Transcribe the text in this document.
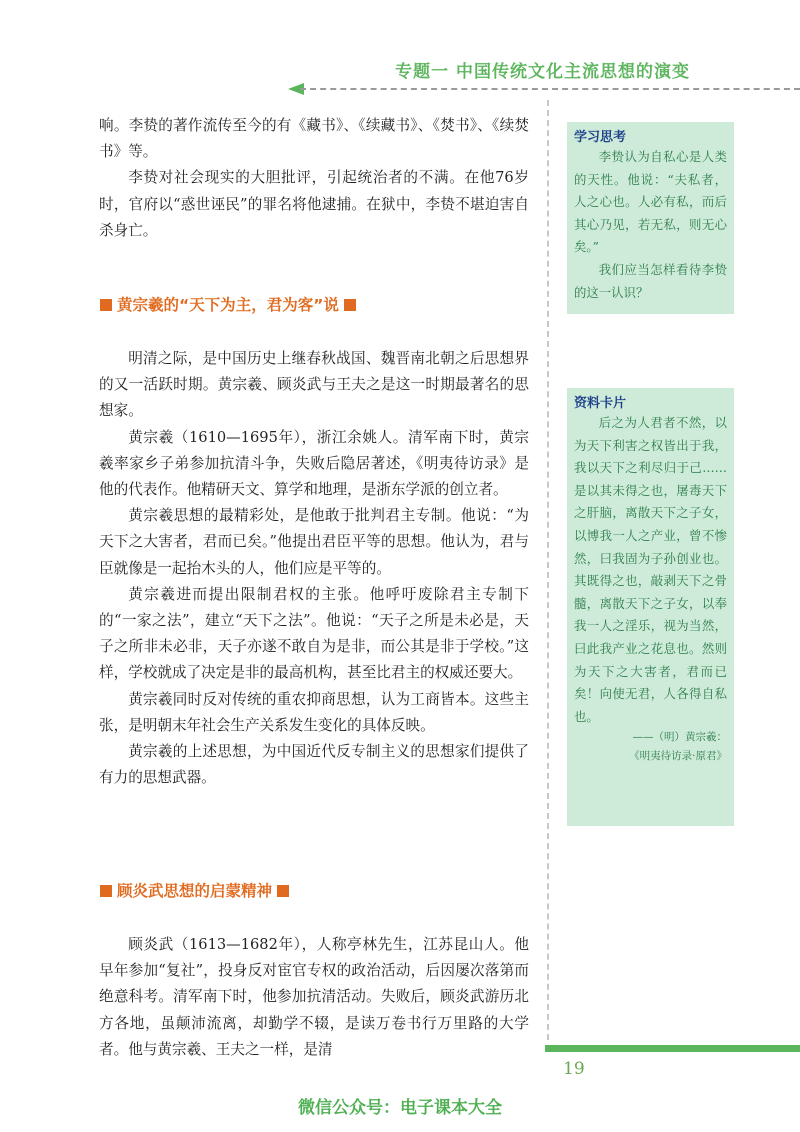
专题一 中国传统文化主流思想的演变

响。李贽的著作流传至今的有《藏书》、《续藏书》、《焚书》、《续焚书》等。

李贽对社会现实的大胆批评，引起统治者的不满。在他76岁时，官府以“惑世诬民”的罪名将他逮捕。在狱中，李贽不堪迫害自杀身亡。

黄宗羲的“天下为主，君为客”说

明清之际，是中国历史上继春秋战国、魏晋南北朝之后思想界的又一活跃时期。黄宗羲、顾炎武与王夫之是这一时期最著名的思想家。

黄宗羲（1610—1695年），浙江余姚人。清军南下时，黄宗羲率家乡子弟参加抗清斗争，失败后隐居著述，《明夷待访录》是他的代表作。他精研天文、算学和地理，是浙东学派的创立者。

黄宗羲思想的最精彩处，是他敢于批判君主专制。他说：“为天下之大害者，君而已矣。”他提出君臣平等的思想。他认为，君与臣就像是一起抬木头的人，他们应是平等的。

黄宗羲进而提出限制君权的主张。他呼吁废除君主专制下的“一家之法”，建立“天下之法”。他说：“天子之所是未必是，天子之所非未必非，天子亦遂不敢自为是非，而公其是非于学校。”这样，学校就成了决定是非的最高机构，甚至比君主的权威还要大。

黄宗羲同时反对传统的重农抑商思想，认为工商皆本。这些主张，是明朝末年社会生产关系发生变化的具体反映。

黄宗羲的上述思想，为中国近代反专制主义的思想家们提供了有力的思想武器。

顾炎武思想的启蒙精神

顾炎武（1613—1682年），人称亭林先生，江苏昆山人。他早年参加“复社”，投身反对宦官专权的政治活动，后因屡次落第而绝意科考。清军南下时，他参加抗清活动。失败后，顾炎武游历北方各地，虽颠沛流离，却勤学不辍，是读万卷书行万里路的大学者。他与黄宗羲、王夫之一样，是清

学习思考

李贽认为自私心是人类的天性。他说：“夫私者，人之心也。人必有私，而后其心乃见，若无私，则无心矣。”

我们应当怎样看待李贽的这一认识？

资料卡片

后之为人君者不然，以为天下利害之权皆出于我，我以天下之利尽归于己……是以其未得之也，屠毒天下之肝脑，离散天下之子女，以博我一人之产业，曾不惨然，曰我固为子孙创业也。其既得之也，敲剥天下之骨髓，离散天下之子女，以奉我一人之淫乐，视为当然，曰此我产业之花息也。然则为天下之大害者，君而已矣！向使无君，人各得自私也。

——（明）黄宗羲：
《明夷待访录·原君》
19
微信公众号：电子课本大全
